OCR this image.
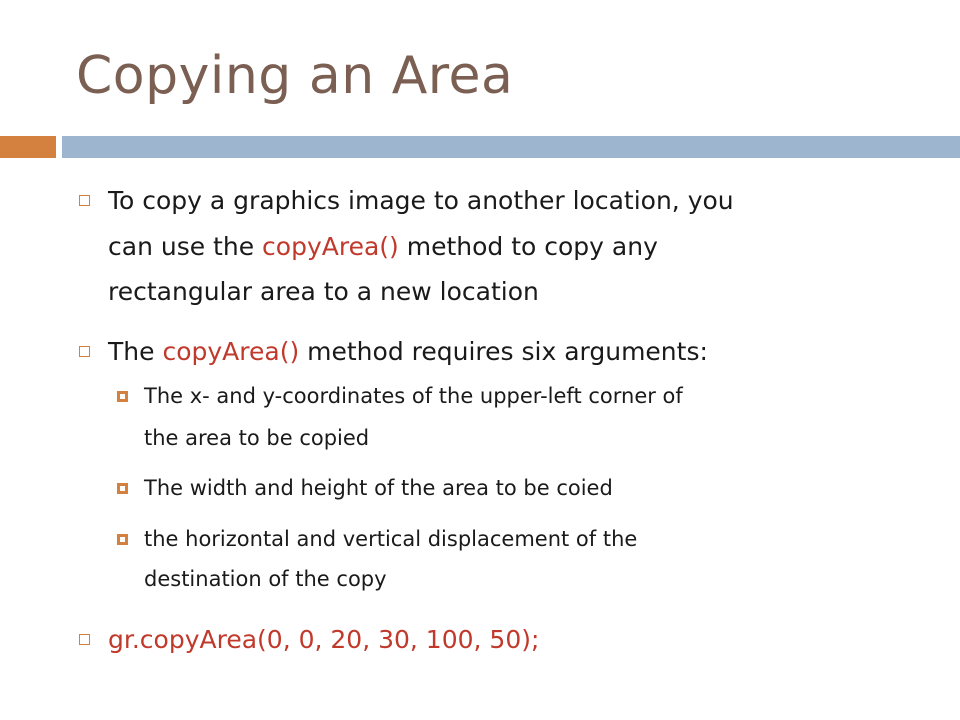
Copying an Area
To copy a graphics image to another location, you
can use the copyArea() method to copy any
rectangular area to a new location
The copyArea() method requires six arguments:
The x- and y-coordinates of the upper-left corner of
the area to be copied
The width and height of the area to be coied
the horizontal and vertical displacement of the
destination of the copy
gr.copyArea(0, 0, 20, 30, 100, 50);
